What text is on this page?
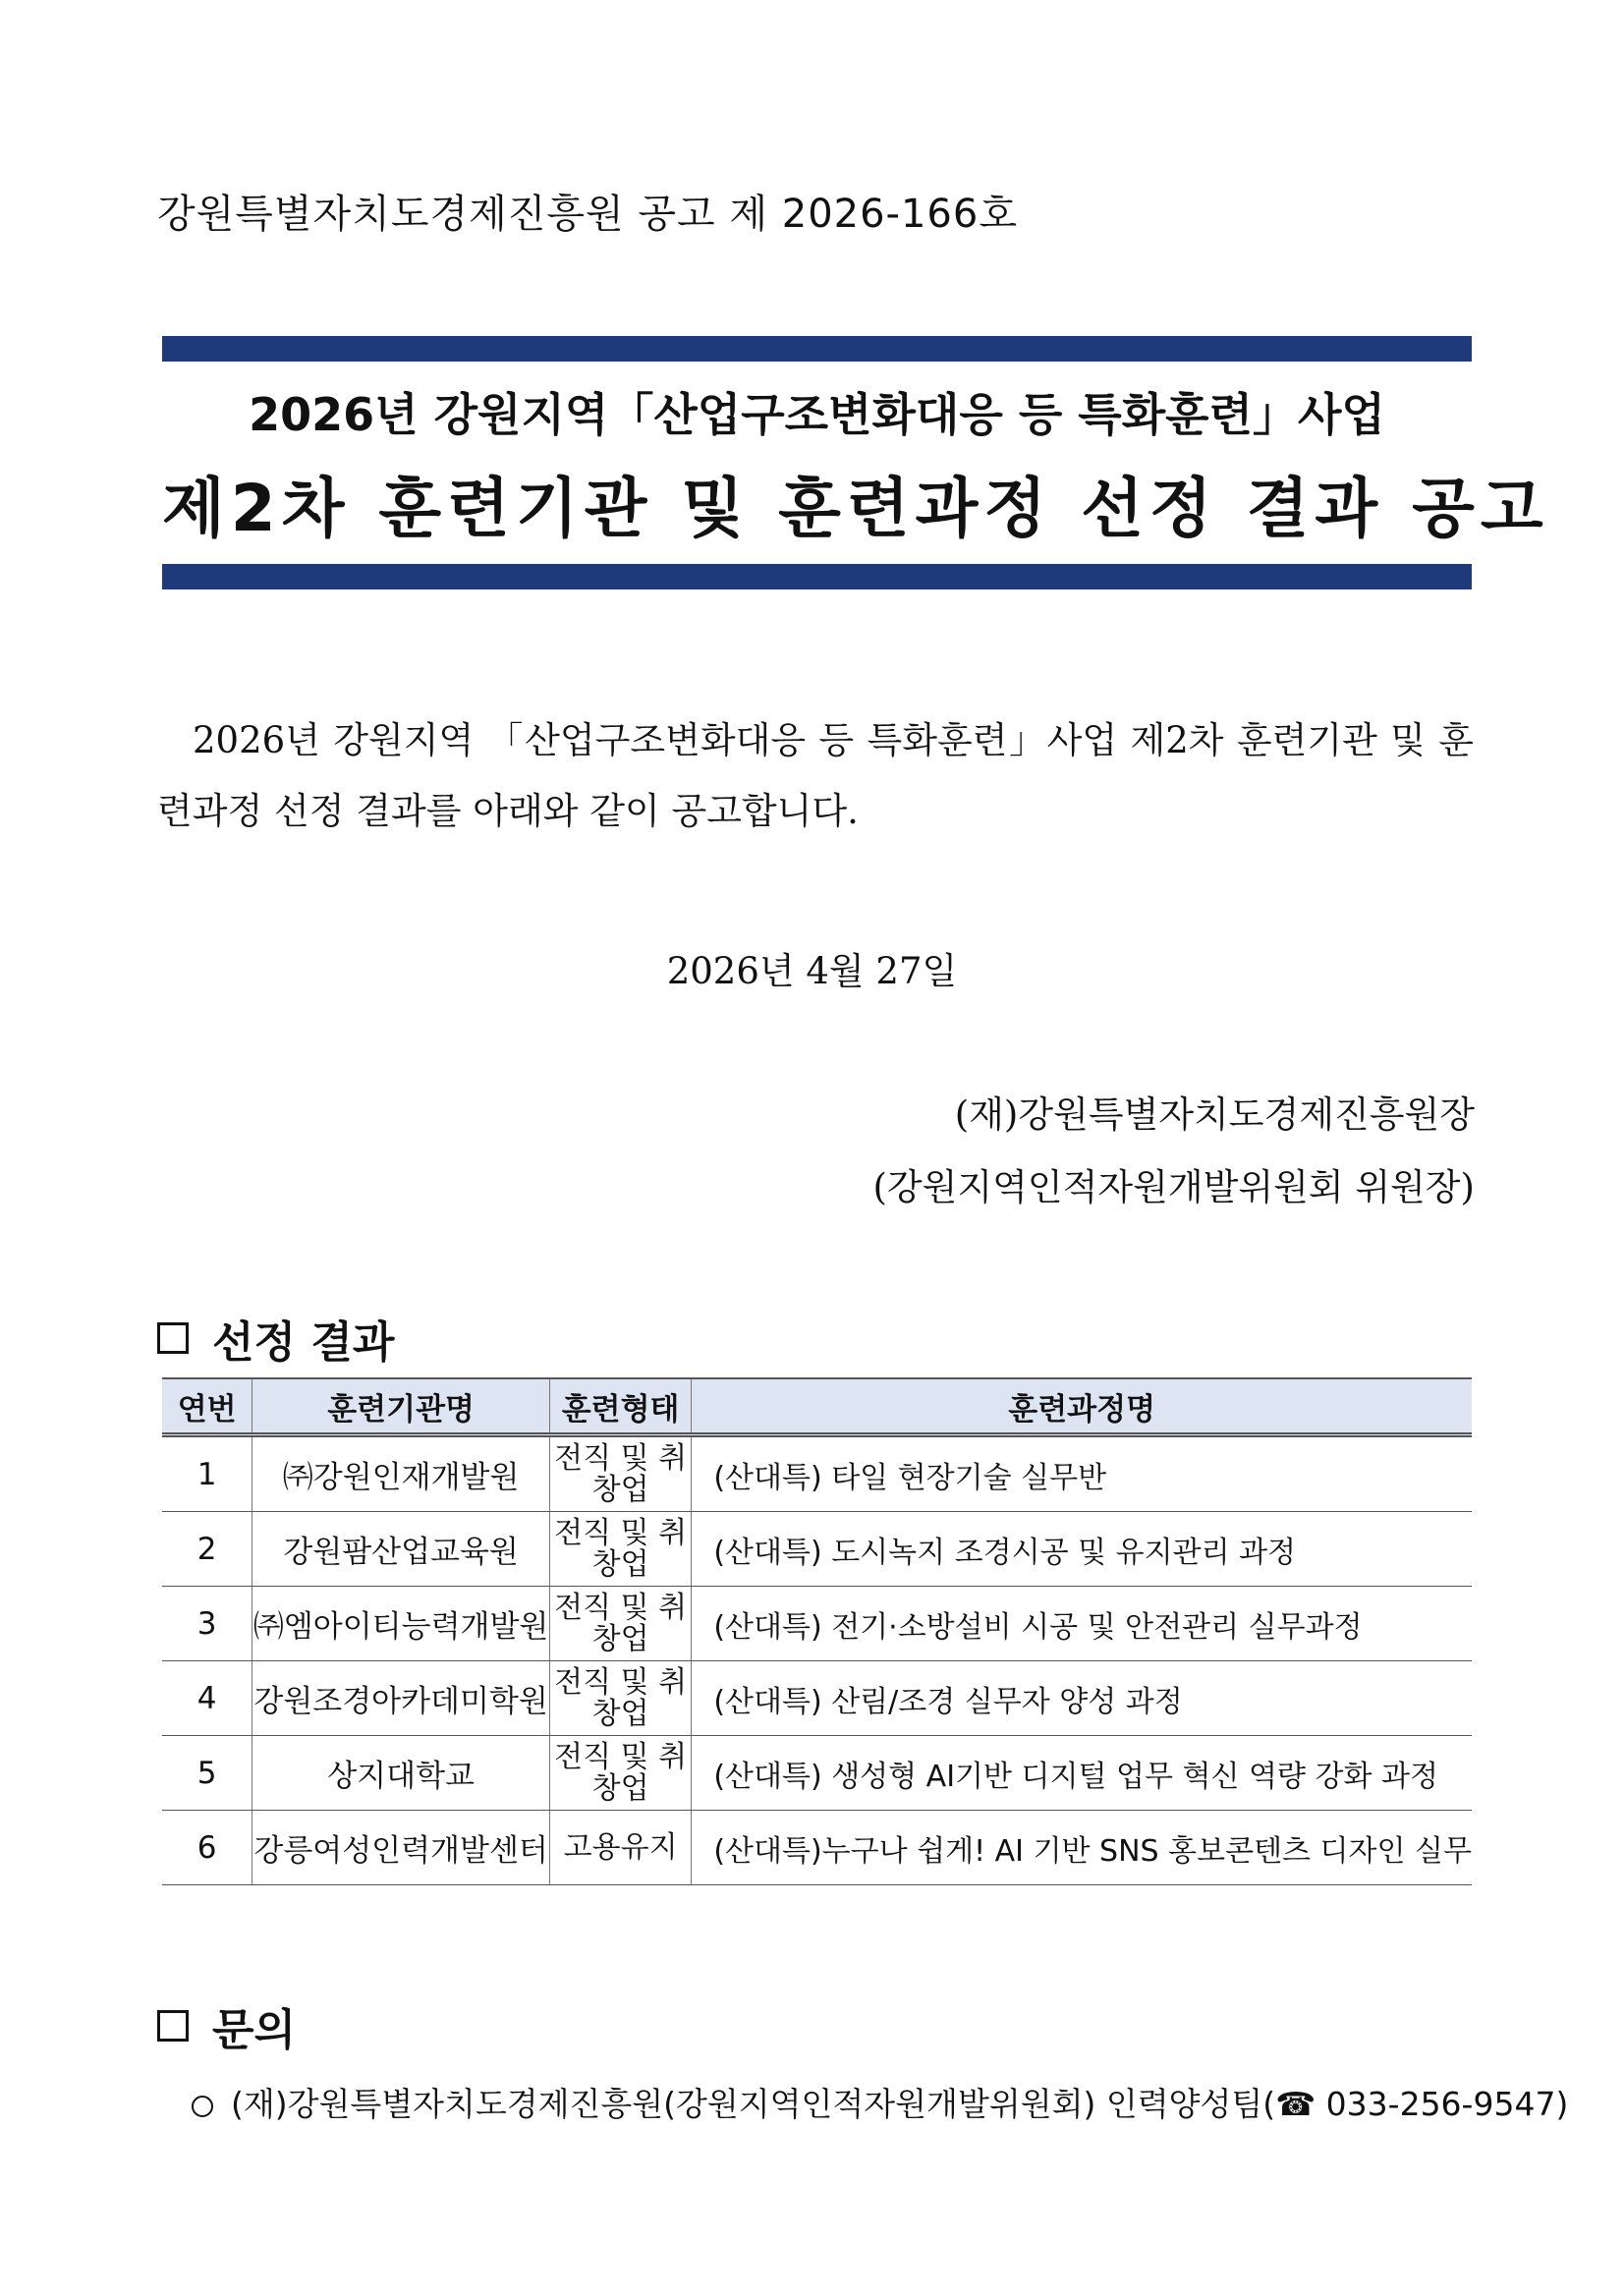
강원특별자치도경제진흥원 공고 제 2026-166호
2026년 강원지역「산업구조변화대응 등 특화훈련」사업
제2차 훈련기관 및 훈련과정 선정 결과 공고
2026년 강원지역 「산업구조변화대응 등 특화훈련」사업 제2차 훈련기관 및 훈련과정 선정 결과를 아래와 같이 공고합니다.
2026년 4월 27일
(재)강원특별자치도경제진흥원장
(강원지역인적자원개발위원회 위원장)
선정 결과
연번	훈련기관명	훈련형태	훈련과정명
1	㈜강원인재개발원	전직 및 취창업	(산대특) 타일 현장기술 실무반
2	강원팜산업교육원	전직 및 취창업	(산대특) 도시녹지 조경시공 및 유지관리 과정
3	㈜엠아이티능력개발원	전직 및 취창업	(산대특) 전기·소방설비 시공 및 안전관리 실무과정
4	강원조경아카데미학원	전직 및 취창업	(산대특) 산림/조경 실무자 양성 과정
5	상지대학교	전직 및 취창업	(산대특) 생성형 AI기반 디지털 업무 혁신 역량 강화 과정
6	강릉여성인력개발센터	고용유지	(산대특)누구나 쉽게! AI 기반 SNS 홍보콘텐츠 디자인 실무
문의
(재)강원특별자치도경제진흥원(강원지역인적자원개발위원회) 인력양성팀(☎ 033-256-9547)
